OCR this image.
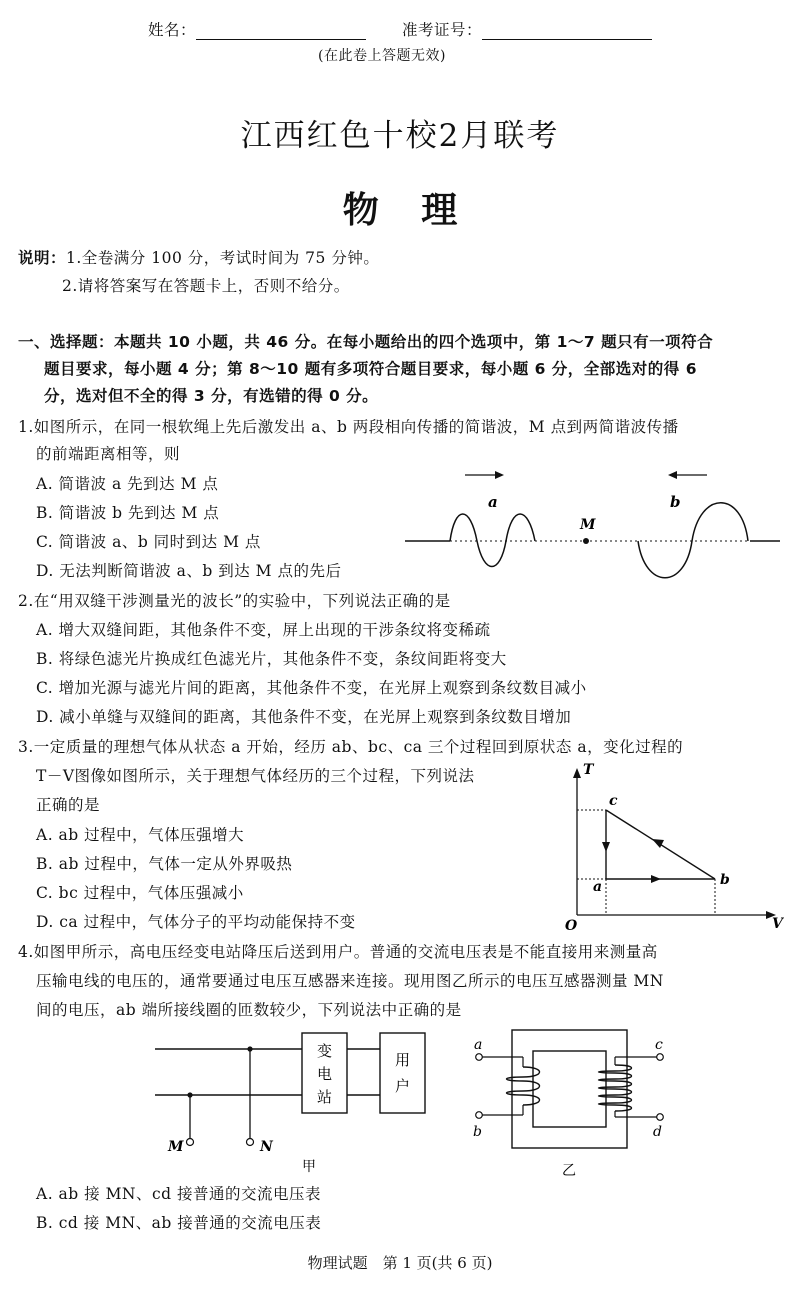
姓名：	准考证号：
(在此卷上答题无效)
江西红色十校2月联考
物 理
说明：1.全卷满分 100 分，考试时间为 75 分钟。
2.请将答案写在答题卡上，否则不给分。
一、选择题：本题共 10 小题，共 46 分。在每小题给出的四个选项中，第 1～7 题只有一项符合
题目要求，每小题 4 分；第 8～10 题有多项符合题目要求，每小题 6 分，全部选对的得 6
分，选对但不全的得 3 分，有选错的得 0 分。
1.如图所示，在同一根软绳上先后激发出 a、b 两段相向传播的简谐波，M 点到两简谐波传播
的前端距离相等，则
A. 简谐波 a 先到达 M 点
B. 简谐波 b 先到达 M 点
C. 简谐波 a、b 同时到达 M 点
D. 无法判断简谐波 a、b 到达 M 点的先后
a	b
M
2.在“用双缝干涉测量光的波长”的实验中，下列说法正确的是
A. 增大双缝间距，其他条件不变，屏上出现的干涉条纹将变稀疏
B. 将绿色滤光片换成红色滤光片，其他条件不变，条纹间距将变大
C. 增加光源与滤光片间的距离，其他条件不变，在光屏上观察到条纹数目减小
D. 减小单缝与双缝间的距离，其他条件不变，在光屏上观察到条纹数目增加
3.一定质量的理想气体从状态 a 开始，经历 ab、bc、ca 三个过程回到原状态 a，变化过程的
T－V图像如图所示，关于理想气体经历的三个过程，下列说法
正确的是
A. ab 过程中，气体压强增大
B. ab 过程中，气体一定从外界吸热
C. bc 过程中，气体压强减小
D. ca 过程中，气体分子的平均动能保持不变
T
V
O
a	b
c
4.如图甲所示，高电压经变电站降压后送到用户。普通的交流电压表是不能直接用来测量高
压输电线的电压的，通常要通过电压互感器来连接。现用图乙所示的电压互感器测量 MN
间的电压，ab 端所接线圈的匝数较少，下列说法中正确的是
变
电
站
用
户
M	N
甲
a
b
c
d
乙
A. ab 接 MN、cd 接普通的交流电压表
B. cd 接 MN、ab 接普通的交流电压表
物理试题　第 1 页(共 6 页)
